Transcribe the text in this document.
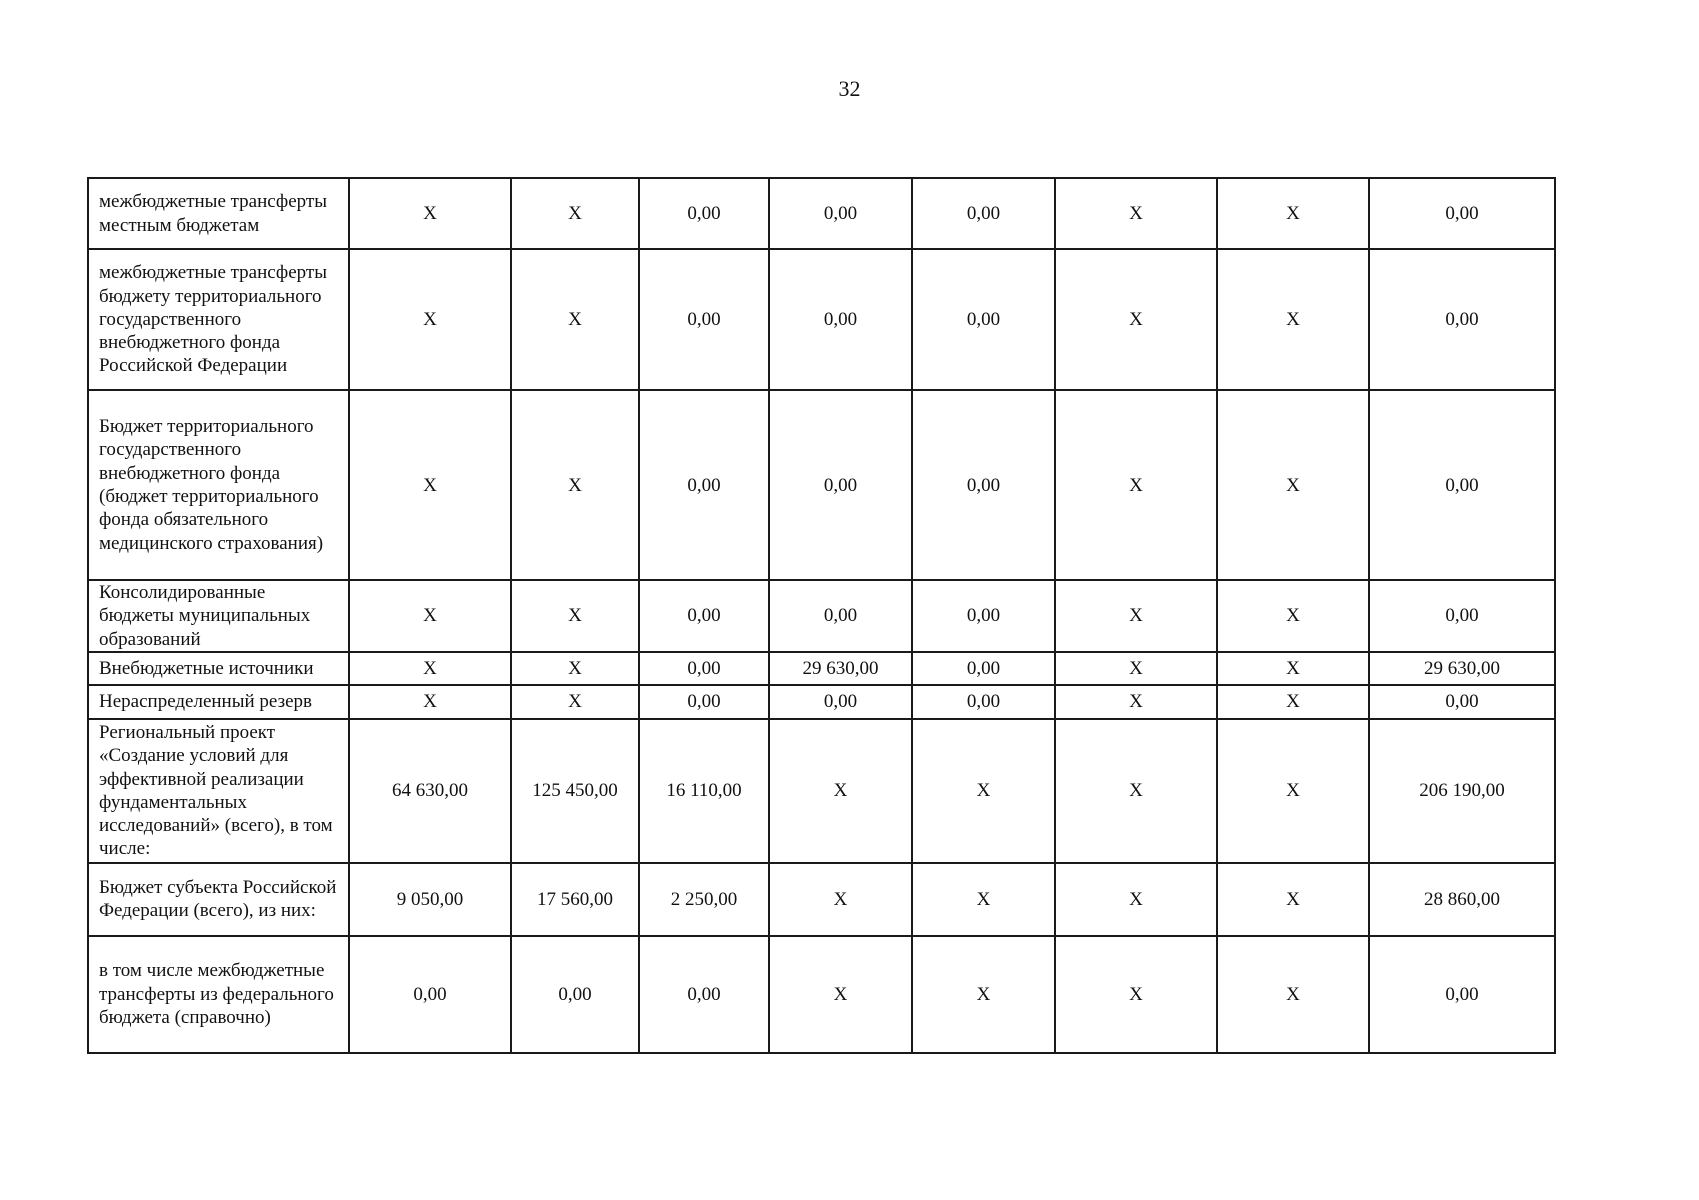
32
межбюджетные трансферты местным бюджетам	X	X	0,00	0,00	0,00	X	X	0,00
межбюджетные трансферты бюджету территориального государственного внебюджетного фонда Российской Федерации	X	X	0,00	0,00	0,00	X	X	0,00
Бюджет территориального государственного внебюджетного фонда (бюджет территориального фонда обязательного медицинского страхования)	X	X	0,00	0,00	0,00	X	X	0,00
Консолидированные бюджеты муниципальных образований	X	X	0,00	0,00	0,00	X	X	0,00
Внебюджетные источники	X	X	0,00	29 630,00	0,00	X	X	29 630,00
Нераспределенный резерв	X	X	0,00	0,00	0,00	X	X	0,00
Региональный проект «Создание условий для эффективной реализации фундаментальных исследований» (всего), в том числе:	64 630,00	125 450,00	16 110,00	X	X	X	X	206 190,00
Бюджет субъекта Российской Федерации (всего), из них:	9 050,00	17 560,00	2 250,00	X	X	X	X	28 860,00
в том числе межбюджетные трансферты из федерального бюджета (справочно)	0,00	0,00	0,00	X	X	X	X	0,00
